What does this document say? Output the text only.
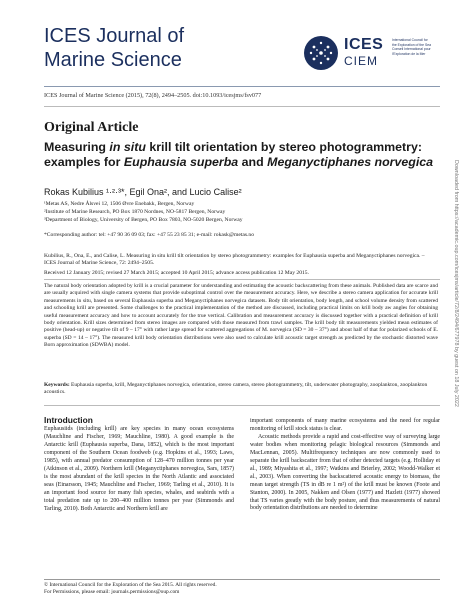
ICES Journal of
Marine Science
ICES
CIEM
International Council for
the Exploration of the Sea
Conseil International pour
l'Exploration de la Mer
ICES Journal of Marine Science (2015), 72(8), 2494–2505. doi:10.1093/icesjms/fsv077
Original Article
Measuring in situ krill tilt orientation by stereo photogrammetry: examples for Euphausia superba and Meganyctiphanes norvegica
Rokas Kubilius ¹·²·³*, Egil Ona², and Lucio Calise²
¹Metas AS, Nedre Ålsvei 12, 1506 Øvre Enebakk, Bergen, Norway
²Institute of Marine Research, PO Box 1870 Nordnes, NO-5817 Bergen, Norway
³Department of Biology, University of Bergen, PO Box 7803, NO-5020 Bergen, Norway
*Corresponding author: tel: +47 90 36 09 03; fax: +47 55 23 85 31; e-mail: rokask@metas.no
Kubilius, R., Ona, E., and Calise, L. Measuring in situ krill tilt orientation by stereo photogrammetry: examples for Euphausia superba and Meganyctiphanes norvegica. – ICES Journal of Marine Science, 72: 2494–2505.
Received 12 January 2015; revised 27 March 2015; accepted 10 April 2015; advance access publication 12 May 2015.
The natural body orientation adopted by krill is a crucial parameter for understanding and estimating the acoustic backscattering from these animals. Published data are scarce and are usually acquired with single camera systems that provide suboptimal control over the measurement accuracy. Here, we describe a stereo camera application for accurate krill measurements in situ, based on several Euphausia superba and Meganyctiphanes norvegica datasets. Body tilt orientation, body length, and school volume density from scattered and schooling krill are presented. Some challenges to the practical implementation of the method are discussed, including practical limits on krill body aw angles for obtaining useful measurement accuracy and how to account accurately for the true vertical. Calibration and measurement accuracy is discussed together with a practical definition of krill body orientation. Krill sizes determined from stereo images are compared with those measured from trawl samples. The krill body tilt measurements yielded mean estimates of positive (head-up) or negative tilt of 9 – 17° with rather large spread for scattered aggregations of M. norvegica (SD = 30 – 37°) and about half of that for polarized schools of E. superba (SD = 14 – 17°). The measured krill body orientation distributions were also used to calculate krill acoustic target strength as predicted by the stochastic distorted wave Born approximation (SDWBA) model.
Keywords: Euphausia superba, krill, Meganyctiphanes norvegica, orientation, stereo camera, stereo photogrammetry, tilt, underwater photography, zooplankton, zooplankton acoustics.
Introduction

Euphausiids (including krill) are key species in many ocean ecosystems (Mauchline and Fischer, 1969; Mauchline, 1980). A good example is the Antarctic krill (Euphausia superba, Dana, 1852), which is the most important component of the Southern Ocean foodweb (e.g. Hopkins et al., 1993; Laws, 1985), with annual predator consumption of 128–470 million tonnes per year (Atkinson et al., 2009). Northern krill (Meganyctiphanes norvegica, Sars, 1857) is the most abundant of the krill species in the North Atlantic and associated seas (Einarsson, 1945; Mauchline and Fischer, 1969; Tarling et al., 2010). It is an important food source for many fish species, whales, and seabirds with a total predation rate up to 200–400 million tonnes per year (Simmonds and Tarling, 2010). Both Antarctic and Northern krill are

important components of many marine ecosystems and the need for regular monitoring of krill stock status is clear.

Acoustic methods provide a rapid and cost-effective way of surveying large water bodies when monitoring pelagic biological resources (Simmonds and MacLennan, 2005). Multifrequency techniques are now commonly used to separate the krill backscatter from that of other detected targets (e.g. Holliday et al., 1989; Miyashita et al., 1997; Watkins and Brierley, 2002; Woodd-Walker et al., 2003). When converting the backscattered acoustic energy to biomass, the mean target strength (TS in dB re 1 m²) of the krill must be known (Foote and Stanton, 2000). In 2005, Nakken and Olsen (1977) and Hazlett (1977) showed that TS varies greatly with the body posture, and thus measurements of natural body orientation distributions are needed to determine

© International Council for the Exploration of the Sea 2015. All rights reserved.
For Permissions, please email: journals.permissions@oup.com
Downloaded from https://academic.oup.com/icesjms/article/72/8/2494/677978 by guest on 18 July 2022
